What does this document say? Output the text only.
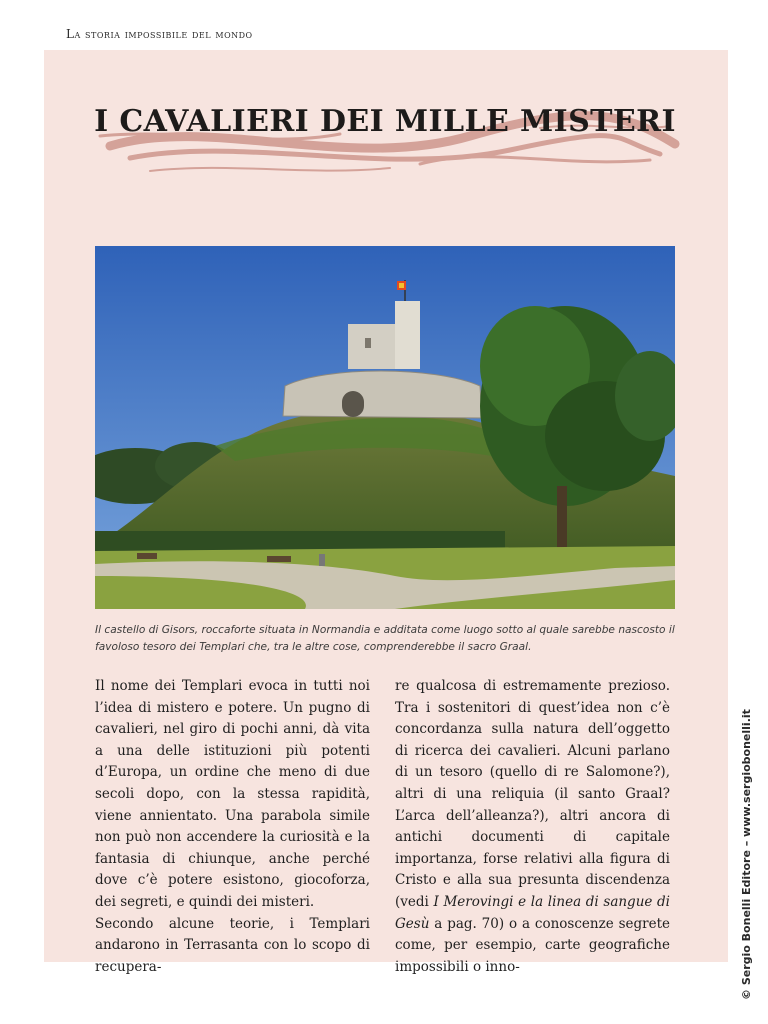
La storia impossibile del mondo
I CAVALIERI DEI MILLE MISTERI
Il castello di Gisors, roccaforte situata in Normandia e additata come luogo sotto al quale sarebbe nascosto il favoloso tesoro dei Templari che, tra le altre cose, comprenderebbe il sacro Graal.

Il nome dei Templari evoca in tutti noi l’idea di mistero e potere. Un pugno di cavalieri, nel giro di pochi anni, dà vita a una delle istituzioni più potenti d’Europa, un ordine che meno di due secoli dopo, con la stessa rapidità, viene annientato. Una parabola simile non può non accendere la curiosità e la fantasia di chiunque, anche perché dove c’è potere esistono, giocoforza, dei segreti, e quindi dei misteri.

Secondo alcune teorie, i Templari andarono in Terrasanta con lo scopo di recupera-

re qualcosa di estremamente prezioso. Tra i sostenitori di quest’idea non c’è concordanza sulla natura dell’oggetto di ricerca dei cavalieri. Alcuni parlano di un tesoro (quello di re Salomone?), altri di una reliquia (il santo Graal? L’arca dell’alleanza?), altri ancora di antichi documenti di capitale importanza, forse relativi alla figura di Cristo e alla sua presunta discendenza (vedi I Merovingi e la linea di sangue di Gesù a pag. 70) o a conoscenze segrete come, per esempio, carte geografiche impossibili o inno-	© Sergio Bonelli Editore – www.sergiobonelli.it
